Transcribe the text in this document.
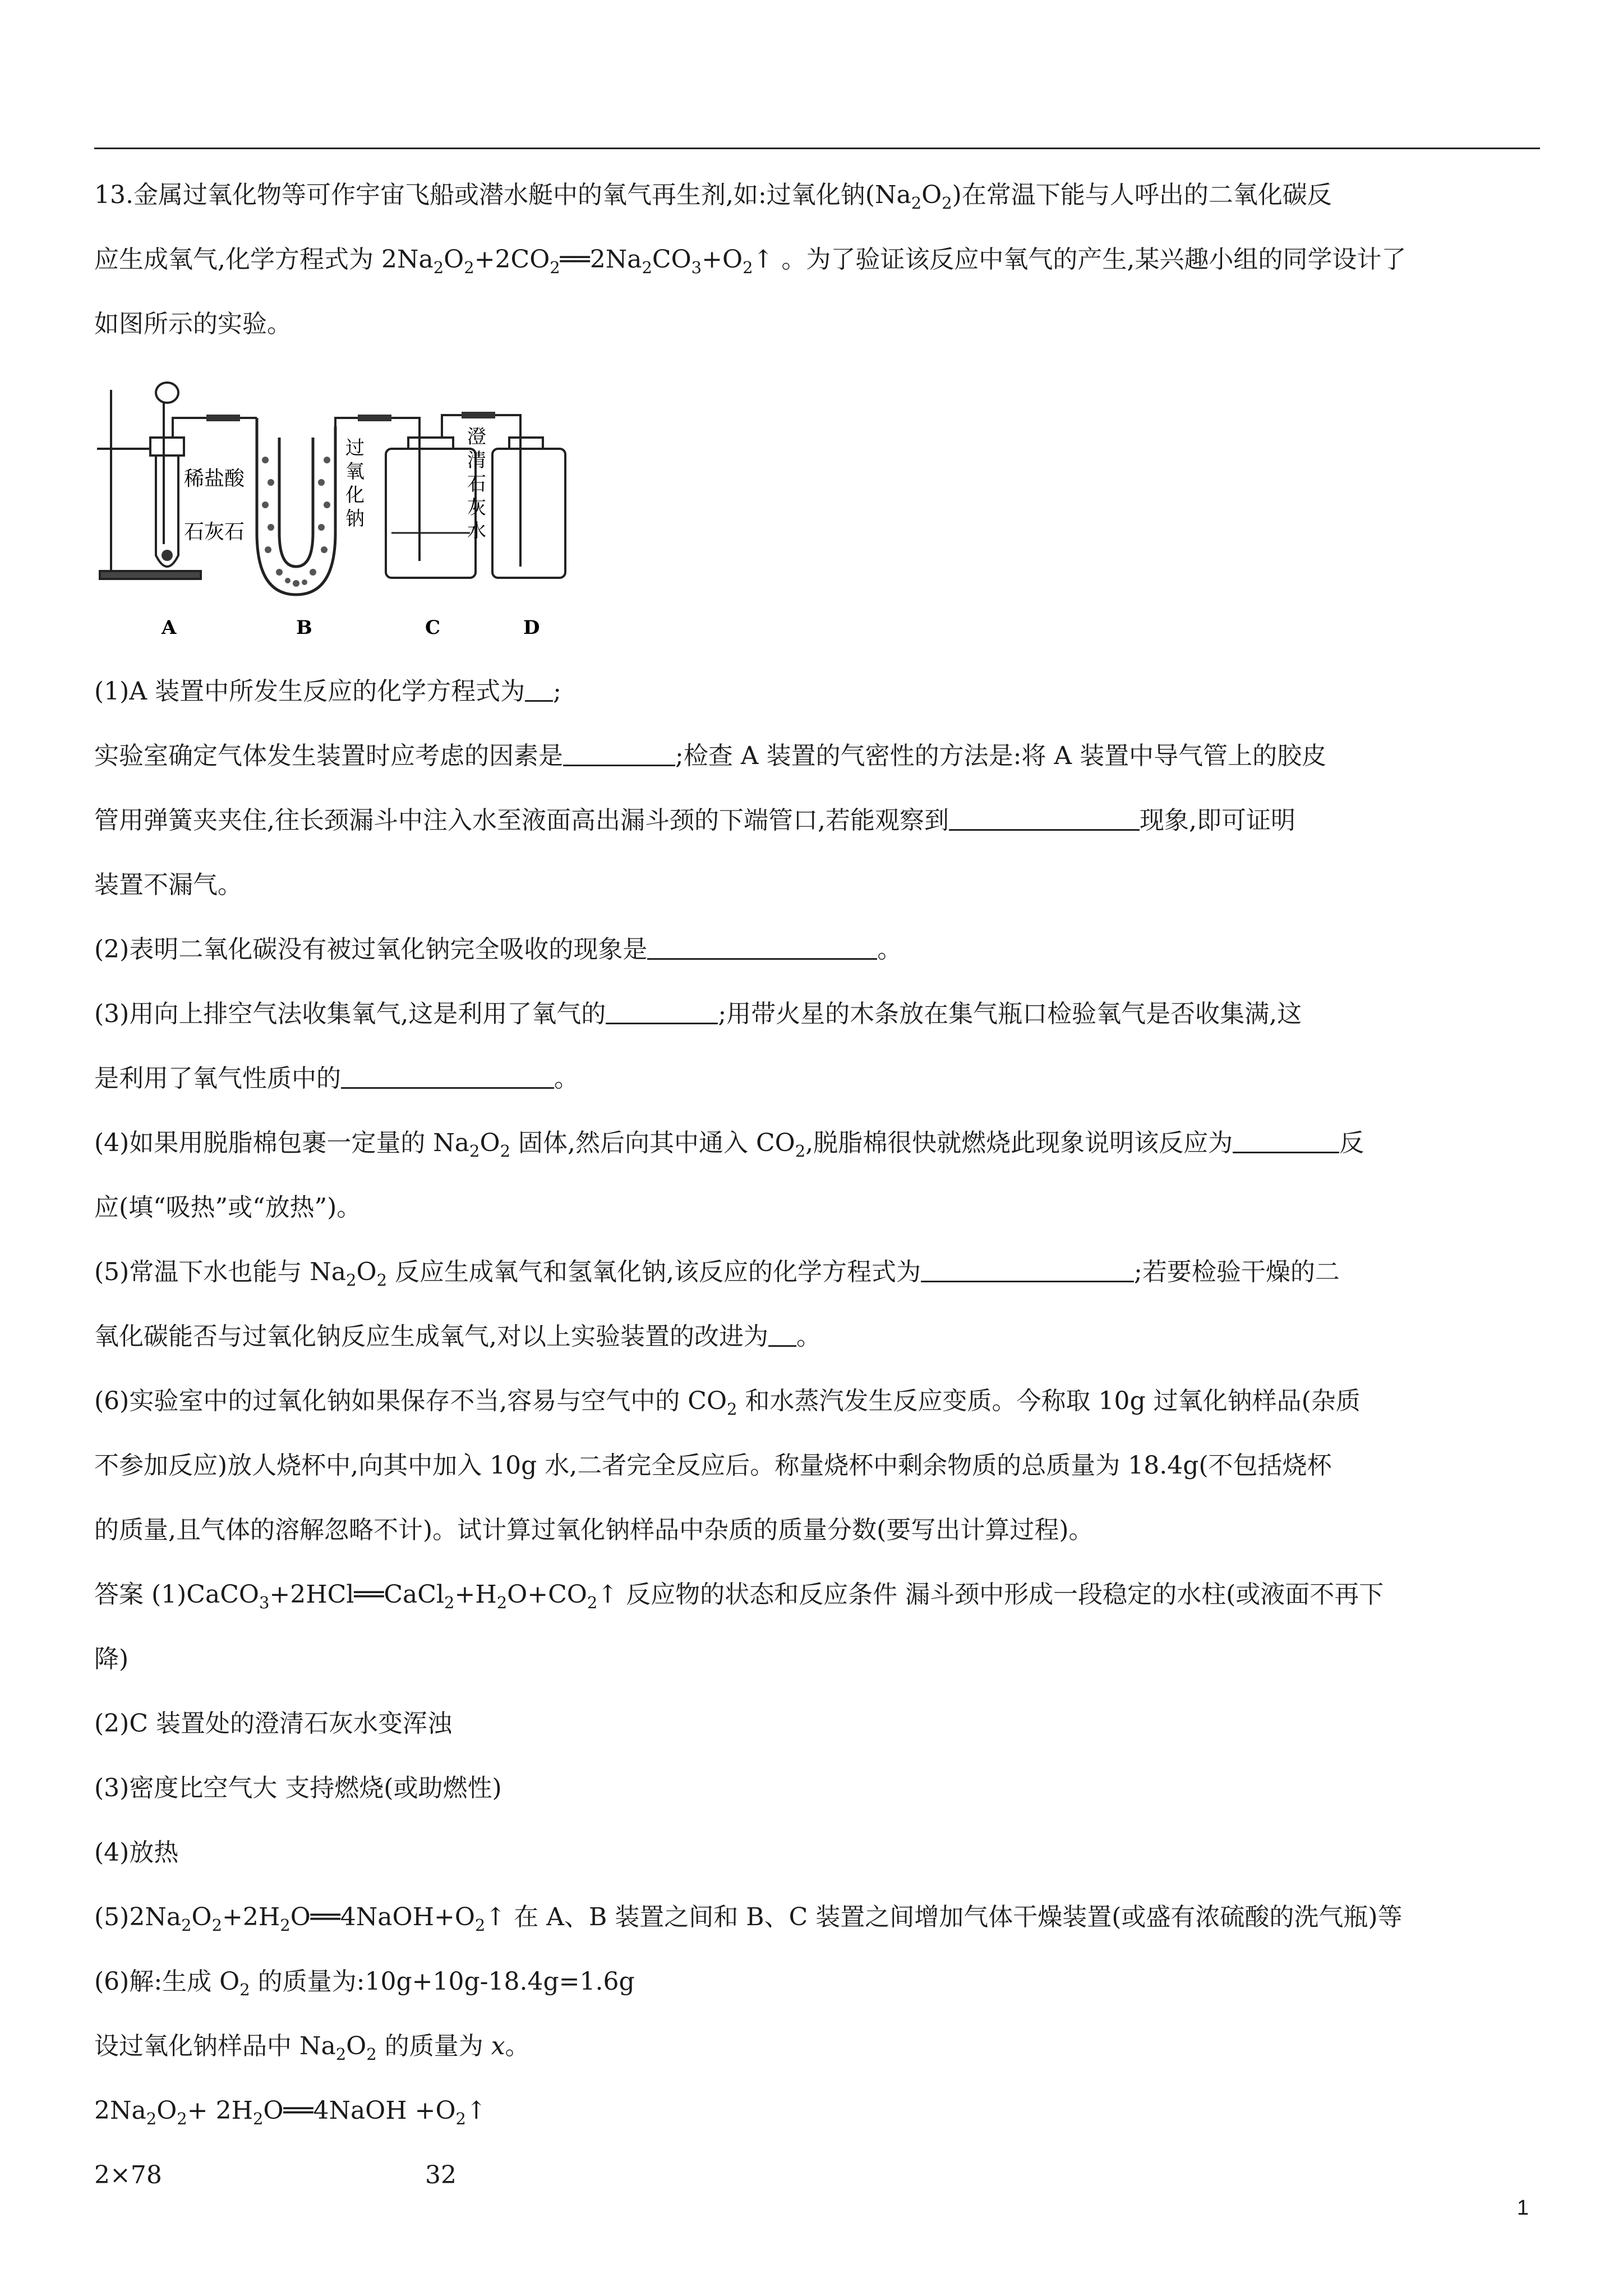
13.金属过氧化物等可作宇宙飞船或潜水艇中的氧气再生剂,如:过氧化钠$(Na_2O_2)$在常温下能与人呼出的二氧化碳反
应生成氧气,化学方程式为 $2Na_2O_2+2CO_2══2Na_2CO_3+O_2↑$ 。为了验证该反应中氧气的产生,某兴趣小组的同学设计了
如图所示的实验。
稀盐酸
石灰石
过
氧
化
钠
澄
清
石
灰
水
A	B	C	D
(1)A 装置中所发生反应的化学方程式为 ;
实验室确定气体发生装置时应考虑的因素是	;检查 A 装置的气密性的方法是:将 A 装置中导气管上的胶皮
管用弹簧夹夹住,往长颈漏斗中注入水至液面高出漏斗颈的下端管口,若能观察到	现象,即可证明
装置不漏气。
(2)表明二氧化碳没有被过氧化钠完全吸收的现象是	。
(3)用向上排空气法收集氧气,这是利用了氧气的	;用带火星的木条放在集气瓶口检验氧气是否收集满,这
是利用了氧气性质中的	。
(4)如果用脱脂棉包裹一定量的 $Na_2O_2$ 固体,然后向其中通入 $CO_2$,脱脂棉很快就燃烧此现象说明该反应为	反
应(填“吸热”或“放热”)。
(5)常温下水也能与 $Na_2O_2$ 反应生成氧气和氢氧化钠,该反应的化学方程式为	;若要检验干燥的二
氧化碳能否与过氧化钠反应生成氧气,对以上实验装置的改进为 。
(6)实验室中的过氧化钠如果保存不当,容易与空气中的 $CO_2$ 和水蒸汽发生反应变质。今称取 10g 过氧化钠样品(杂质
不参加反应)放人烧杯中,向其中加入 10g 水,二者完全反应后。称量烧杯中剩余物质的总质量为 18.4g(不包括烧杯
的质量,且气体的溶解忽略不计)。试计算过氧化钠样品中杂质的质量分数(要写出计算过程)。
答案 $(1)CaCO_3+2HCl══CaCl_2+H_2O+CO_2↑$ 反应物的状态和反应条件 漏斗颈中形成一段稳定的水柱(或液面不再下
降)
(2)C 装置处的澄清石灰水变浑浊
(3)密度比空气大 支持燃烧(或助燃性)
(4)放热
$(5)2Na_2O_2+2H_2O══4NaOH+O_2↑$ 在 A、B 装置之间和 B、C 装置之间增加气体干燥装置(或盛有浓硫酸的洗气瓶)等
(6)解:生成 $O_2$ 的质量为:10g+10g-18.4g=1.6g
设过氧化钠样品中 $Na_2O_2$ 的质量为 x。
$2Na_2O_2+$ $2H_2O══4NaOH$ $+O_2↑$
2×78	32
1
